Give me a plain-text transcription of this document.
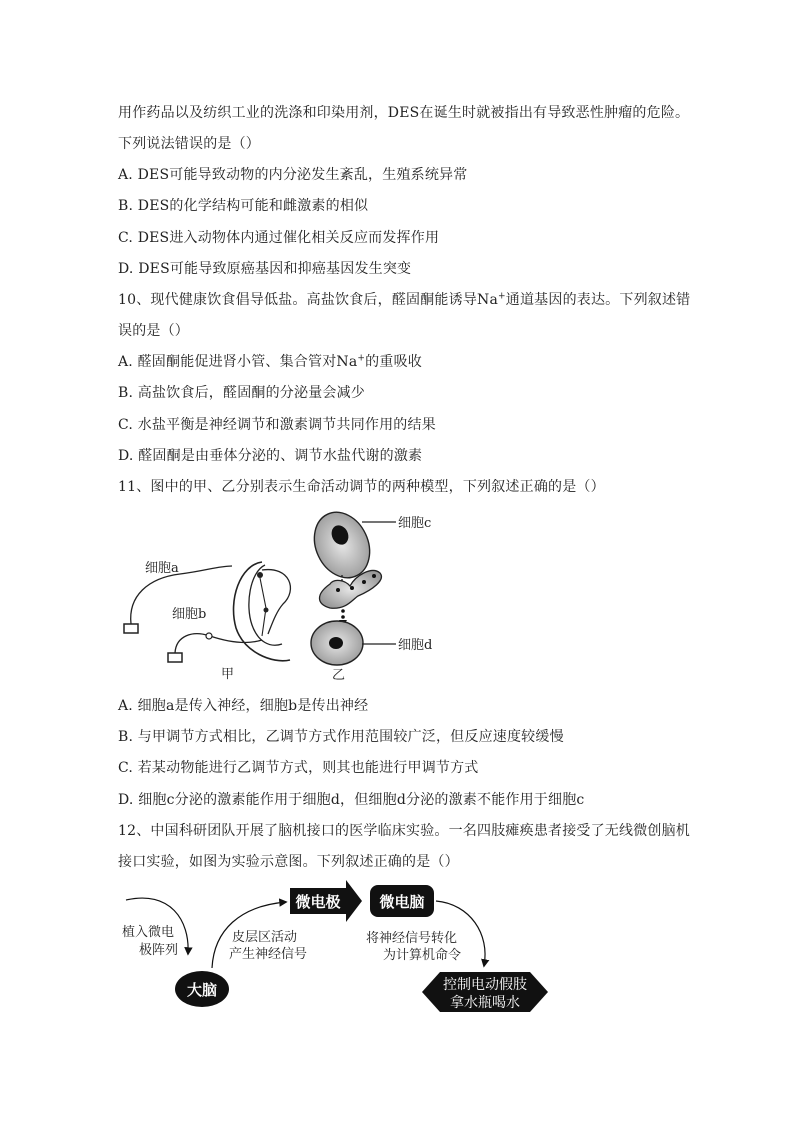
用作药品以及纺织工业的洗涤和印染用剂，DES在诞生时就被指出有导致恶性肿瘤的危险。
下列说法错误的是（）
A. DES可能导致动物的内分泌发生紊乱，生殖系统异常
B. DES的化学结构可能和雌激素的相似
C. DES进入动物体内通过催化相关反应而发挥作用
D. DES可能导致原癌基因和抑癌基因发生突变
10、现代健康饮食倡导低盐。高盐饮食后，醛固酮能诱导Na+通道基因的表达。下列叙述错
误的是（）
A. 醛固酮能促进肾小管、集合管对Na+的重吸收
B. 高盐饮食后，醛固酮的分泌量会减少
C. 水盐平衡是神经调节和激素调节共同作用的结果
D. 醛固酮是由垂体分泌的、调节水盐代谢的激素
11、图中的甲、乙分别表示生命活动调节的两种模型，下列叙述正确的是（）
细胞a
细胞b
细胞c
细胞d
甲	乙
A. 细胞a是传入神经，细胞b是传出神经
B. 与甲调节方式相比，乙调节方式作用范围较广泛，但反应速度较缓慢
C. 若某动物能进行乙调节方式，则其也能进行甲调节方式
D. 细胞c分泌的激素能作用于细胞d，但细胞d分泌的激素不能作用于细胞c
12、中国科研团队开展了脑机接口的医学临床实验。一名四肢瘫痪患者接受了无线微创脑机
接口实验，如图为实验示意图。下列叙述正确的是（）
微电极	微电脑
大脑	控制电动假肢
拿水瓶喝水
植入微电
极阵列
皮层区活动
产生神经信号
将神经信号转化
为计算机命令
